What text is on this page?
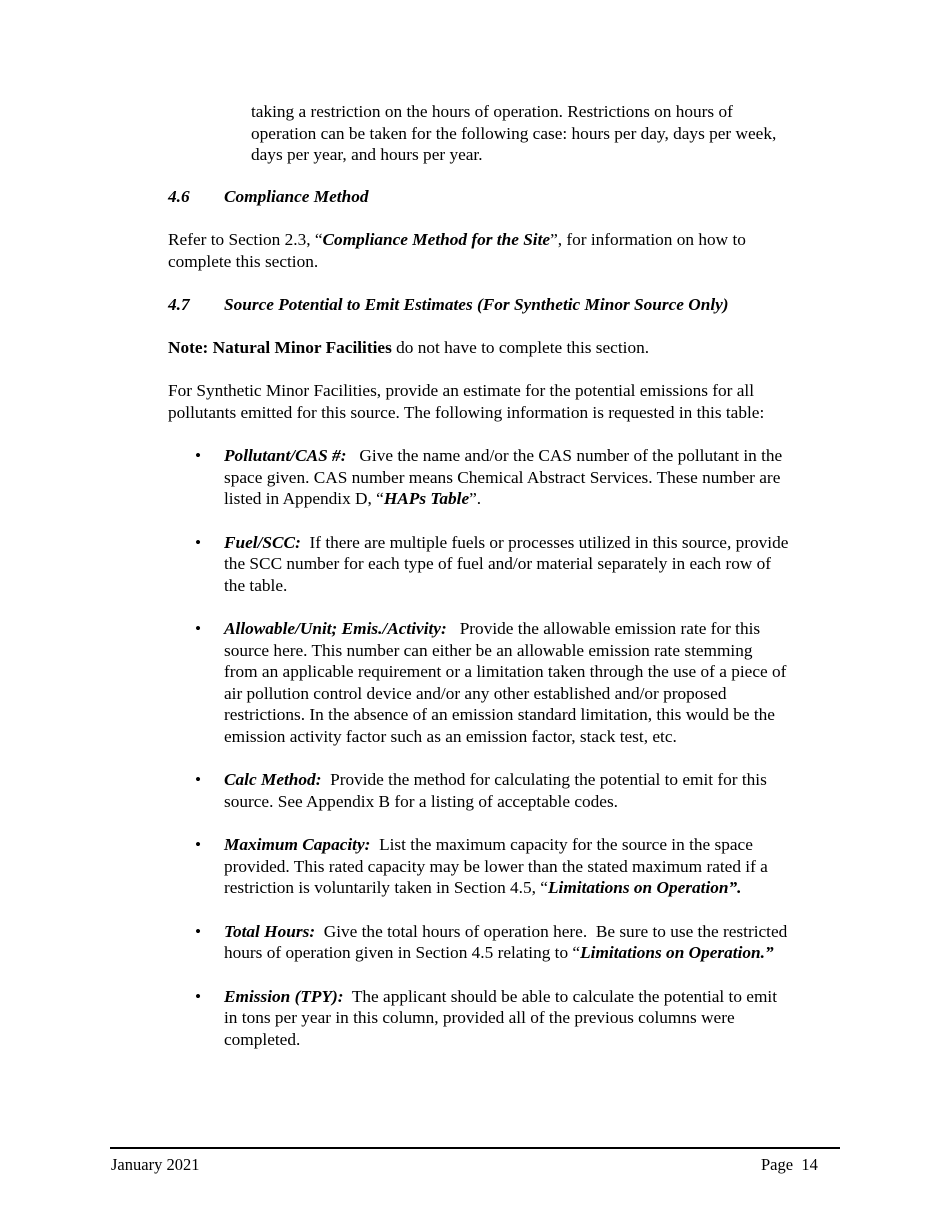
taking a restriction on the hours of operation. Restrictions on hours of

operation can be taken for the following case: hours per day, days per week,

days per year, and hours per year.

4.6 Compliance Method

Refer to Section 2.3, “Compliance Method for the Site”, for information on how to

complete this section.

4.7 Source Potential to Emit Estimates (For Synthetic Minor Source Only)
Note: Natural Minor Facilities do not have to complete this section.

For Synthetic Minor Facilities, provide an estimate for the potential emissions for all

pollutants emitted for this source. The following information is requested in this table:

• Pollutant/CAS #:   Give the name and/or the CAS number of the pollutant in the

space given. CAS number means Chemical Abstract Services. These number are

listed in Appendix D, “HAPs Table”.

• Fuel/SCC:  If there are multiple fuels or processes utilized in this source, provide

the SCC number for each type of fuel and/or material separately in each row of

the table.

• Allowable/Unit; Emis./Activity:   Provide the allowable emission rate for this

source here. This number can either be an allowable emission rate stemming

from an applicable requirement or a limitation taken through the use of a piece of

air pollution control device and/or any other established and/or proposed

restrictions. In the absence of an emission standard limitation, this would be the

emission activity factor such as an emission factor, stack test, etc.

• Calc Method:  Provide the method for calculating the potential to emit for this

source. See Appendix B for a listing of acceptable codes.

• Maximum Capacity:  List the maximum capacity for the source in the space

provided. This rated capacity may be lower than the stated maximum rated if a

restriction is voluntarily taken in Section 4.5, “Limitations on Operation”.

• Total Hours:  Give the total hours of operation here.  Be sure to use the restricted

hours of operation given in Section 4.5 relating to “Limitations on Operation.”

• Emission (TPY):  The applicant should be able to calculate the potential to emit

in tons per year in this column, provided all of the previous columns were

completed.

January 2021	Page 14
